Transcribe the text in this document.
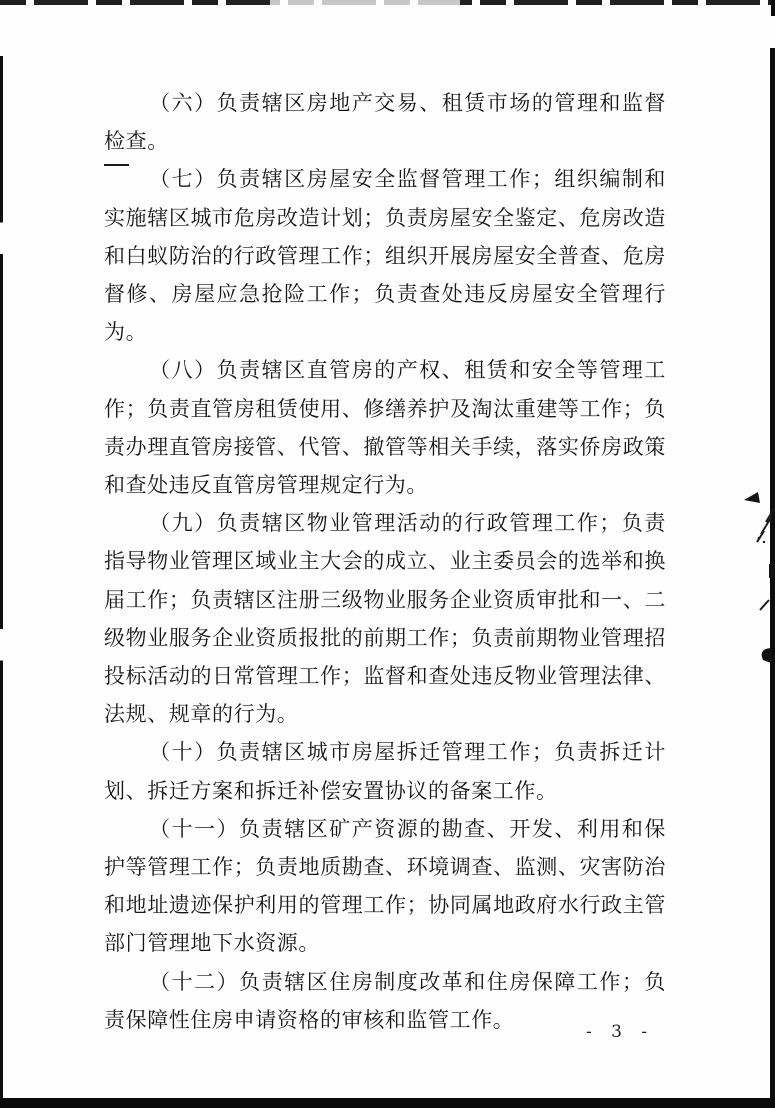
（六）负责辖区房地产交易、租赁市场的管理和监督检查。

（七）负责辖区房屋安全监督管理工作；组织编制和实施辖区城市危房改造计划；负责房屋安全鉴定、危房改造和白蚁防治的行政管理工作；组织开展房屋安全普查、危房督修、房屋应急抢险工作；负责查处违反房屋安全管理行为。

（八）负责辖区直管房的产权、租赁和安全等管理工作；负责直管房租赁使用、修缮养护及淘汰重建等工作；负责办理直管房接管、代管、撤管等相关手续，落实侨房政策和查处违反直管房管理规定行为。

（九）负责辖区物业管理活动的行政管理工作；负责指导物业管理区域业主大会的成立、业主委员会的选举和换届工作；负责辖区注册三级物业服务企业资质审批和一、二级物业服务企业资质报批的前期工作；负责前期物业管理招投标活动的日常管理工作；监督和查处违反物业管理法律、法规、规章的行为。

（十）负责辖区城市房屋拆迁管理工作；负责拆迁计划、拆迁方案和拆迁补偿安置协议的备案工作。

（十一）负责辖区矿产资源的勘查、开发、利用和保护等管理工作；负责地质勘查、环境调查、监测、灾害防治和地址遗迹保护利用的管理工作；协同属地政府水行政主管部门管理地下水资源。

（十二）负责辖区住房制度改革和住房保障工作；负责保障性住房申请资格的审核和监管工作。

- 3 -
